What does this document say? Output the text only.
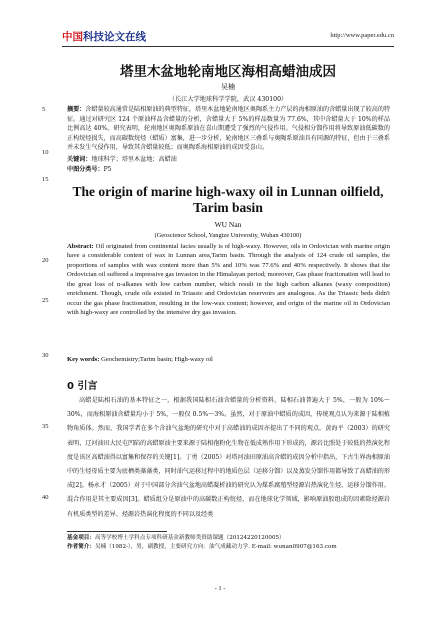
中国 科技论文在线	http://www.paper.edu.cn
5
10
15
20
25
30
35
40
塔里木盆地轮南地区海相高蜡油成因
吴楠
（长江大学地球科学学院，武汉 430100）
摘要：含蜡量较高通常是陆相原油的典型特征，塔里木盆地轮南地区奥陶系主力产层的海相原油的含蜡量出现了较高的特征。通过对研究区 124 个原油样品含蜡量的分析，含蜡量大于 5%的样品数量为 77.6%，其中含蜡量大于 10%的样品比例高达 40%。研究表明，轮南地区奥陶系原油在喜山期遭受了强烈的气侵作用。气侵相分馏作用将导致原油低碳数的正构烷烃损失，而高碳数烷烃（蜡质）富集，进一步分析，轮南地区三叠系与奥陶系原油具有同源的特征，但由于三叠系并未发生气侵作用，导致其含蜡量较低；而奥陶系海相原油的成因受喜山。
关键词：地球科学；塔里木盆地；高蜡油
中图分类号：P5
The origin of marine high-waxy oil in Lunnan oilfield, Tarim basin
WU Nan
(Geoscience School, Yangtze University, Wuhan 430100)
Abstract: Oil originated from continental facies usually is of high-waxy. However, oils in Ordovician with marine origin have a considerable content of wax in Lunnan area,Tarim basin. Through the analysis of 124 crude oil samples, the proportions of samples with wax content more than 5% and 10% was 77.6% and 40% respectively. It shows that the Ordovician oil suffered a impressive gas invasion in the Himalayan period; moreover, Gas phase fractionation will lead to the great loss of n-alkanes with low carbon number, which result in the high carbon alkanes (waxy composition) enrichment. Though, crude oils existed in Triassic and Ordovician reservoirs are analogous. As the Triassic beds didn't occur the gas phase fractionation, resulting in the low-wax content; however, and origin of the marine oil in Ordovician with high-waxy are controlled by the intensive dry gas invasion.
Key words: Geochemistry;Tarim basin; High-waxy oil
0 引言

高蜡是陆相石油的基本特征之一，根据我国陆相石油含蜡量的分析资料，陆相石油普遍大于 5%，一般为 10%～30%，而海相原油含蜡量均小于 5%，一般仅 0.5%～3%。虽然，对于原油中蜡质的成因，传统观点认为来源于陆相植物角质体。然而，我国学者在多个含油气盆地的研究中对于高蜡油的成因亦提出了不同的观点。黄海平（2003）的研究表明，辽河油田大民屯凹陷的高蜡原油主要来源于陆相孢粉化生物在低成熟作用下形成的，源岩比照处于较低的热演化程度是该区高蜡油得以富集和保存的关键[1]。丁勇（2005）对塔河油田原油高含蜡的成因分析中指出，下古生界海相原油中的生烃母质主要为底栖类藻藻类，同时油气运移过程中的地质色层（运移分馏）以及蒸发分馏作用都导致了高蜡油的形成[2]。杨永才（2005）对于中国部分含油气盆地高蜡凝析油的研究认为煤系腐殖型烃源岩热演化生烃、运移分馏作用、混合作用是其主要成因[3]。蜡质组分是原油中的高碳数正构烷烃，而在地球化学领域，影响原油胶组成的因素除烃源岩有机质类型的差异、烃源岩热演化程度的不同以及经类

基金项目：高等学校博士学科点专项科研基金新教师类资助课题（20124220120005）
作者简介：吴楠（1982-），男，副教授，主要研究方向：油气成藏动力学. E-mail: wunan0907@163.com
- 1 -
